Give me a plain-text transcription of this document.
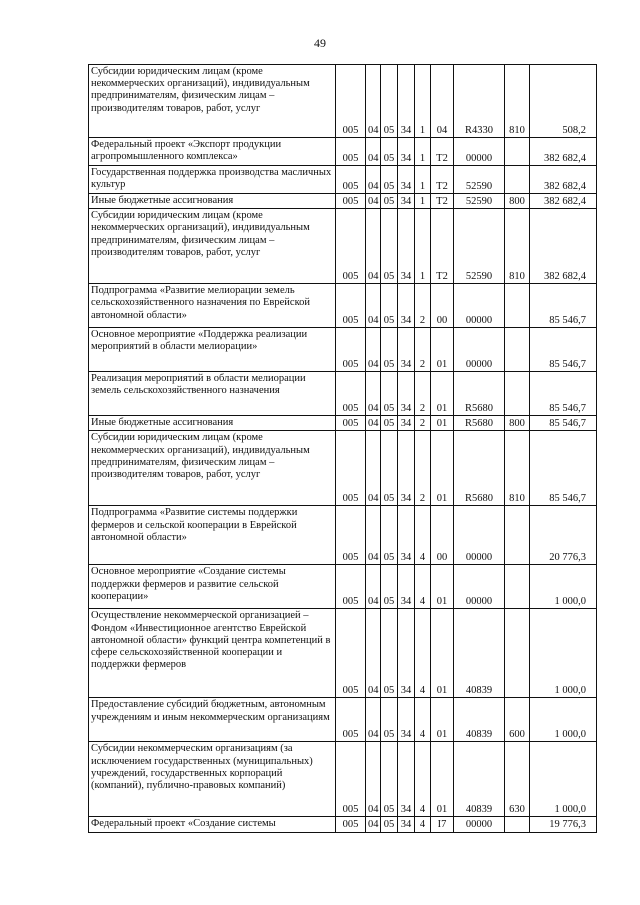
49
Субсидии юридическим лицам (кроме некоммерческих организаций), индивидуальным предпринимателям, физическим лицам – производителям товаров, работ, услуг	005	04	05	34	1	04	R4330	810	508,2
Федеральный проект «Экспорт продукции агропромышленного комплекса»	005	04	05	34	1	T2	00000		382 682,4
Государственная поддержка производства масличных культур	005	04	05	34	1	T2	52590		382 682,4
Иные бюджетные ассигнования	005	04	05	34	1	T2	52590	800	382 682,4
Субсидии юридическим лицам (кроме некоммерческих организаций), индивидуальным предпринимателям, физическим лицам – производителям товаров, работ, услуг	005	04	05	34	1	T2	52590	810	382 682,4
Подпрограмма «Развитие мелиорации земель сельскохозяйственного назначения по Еврейской автономной области»	005	04	05	34	2	00	00000		85 546,7
Основное мероприятие «Поддержка реализации мероприятий в области мелиорации»	005	04	05	34	2	01	00000		85 546,7
Реализация мероприятий в области мелиорации земель сельскохозяйственного назначения	005	04	05	34	2	01	R5680		85 546,7
Иные бюджетные ассигнования	005	04	05	34	2	01	R5680	800	85 546,7
Субсидии юридическим лицам (кроме некоммерческих организаций), индивидуальным предпринимателям, физическим лицам – производителям товаров, работ, услуг	005	04	05	34	2	01	R5680	810	85 546,7
Подпрограмма «Развитие системы поддержки фермеров и сельской кооперации в Еврейской автономной области»	005	04	05	34	4	00	00000		20 776,3
Основное мероприятие «Создание системы поддержки фермеров и развитие сельской кооперации»	005	04	05	34	4	01	00000		1 000,0
Осуществление некоммерческой организацией – Фондом «Инвестиционное агентство Еврейской автономной области» функций центра компетенций в сфере сельскохозяйственной кооперации и поддержки фермеров	005	04	05	34	4	01	40839		1 000,0
Предоставление субсидий бюджетным, автономным учреждениям и иным некоммерческим организациям	005	04	05	34	4	01	40839	600	1 000,0
Субсидии некоммерческим организациям (за исключением государственных (муниципальных) учреждений, государственных корпораций (компаний), публично-правовых компаний)	005	04	05	34	4	01	40839	630	1 000,0
Федеральный проект «Создание системы	005	04	05	34	4	I7	00000		19 776,3
